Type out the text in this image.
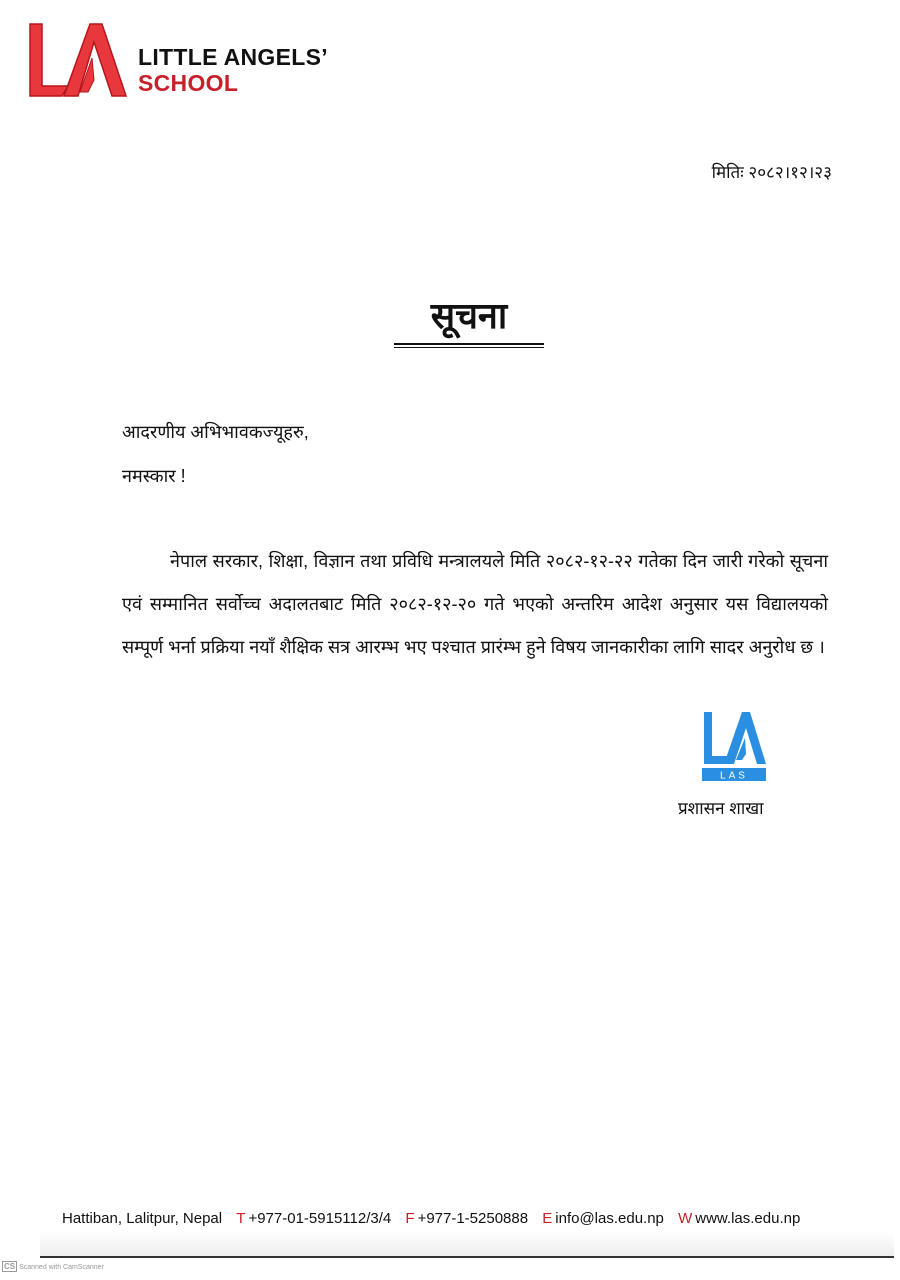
LITTLE ANGELS’
SCHOOL
मितिः २०८२।१२।२३
सूचना
आदरणीय अभिभावकज्यूहरु,
नमस्कार !
नेपाल सरकार, शिक्षा, विज्ञान तथा प्रविधि मन्त्रालयले मिति २०८२-१२-२२ गतेका दिन जारी गरेको सूचना एवं सम्मानित सर्वोच्च अदालतबाट मिति २०८२-१२-२० गते भएको अन्तरिम आदेश अनुसार यस विद्यालयको सम्पूर्ण भर्ना प्रक्रिया नयाँ शैक्षिक सत्र आरम्भ भए पश्चात प्रारंम्भ हुने विषय जानकारीका लागि सादर अनुरोध छ ।
LAS
प्रशासन शाखा
Hattiban, Lalitpur, Nepal T +977-01-5915112/3/4 F +977-1-5250888 E info@las.edu.np W www.las.edu.np
CS Scanned with CamScanner
